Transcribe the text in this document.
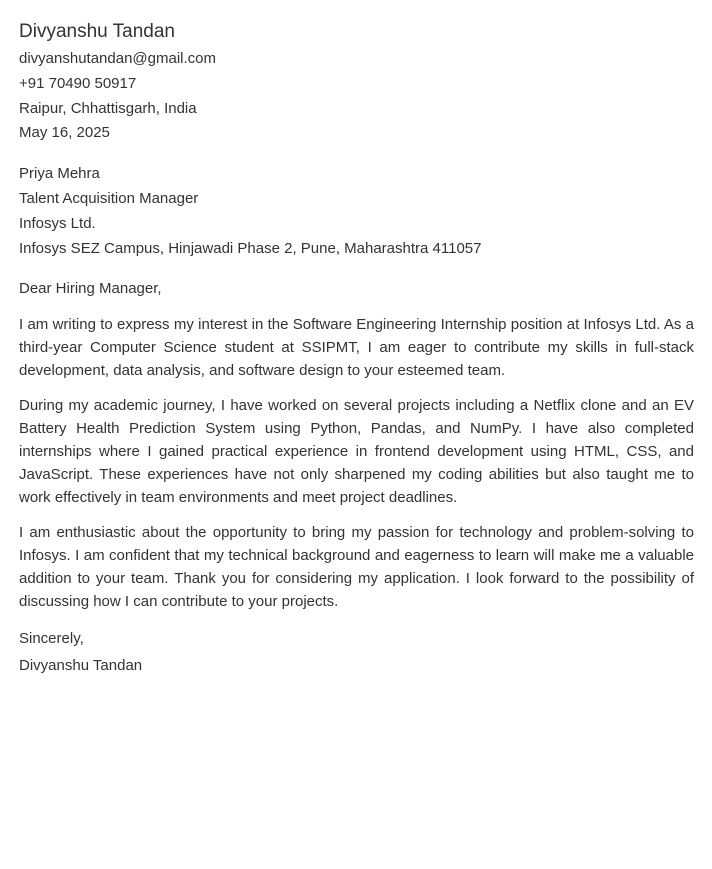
Divyanshu Tandan

divyanshutandan@gmail.com

+91 70490 50917

Raipur, Chhattisgarh, India

May 16, 2025

Priya Mehra

Talent Acquisition Manager

Infosys Ltd.

Infosys SEZ Campus, Hinjawadi Phase 2, Pune, Maharashtra 411057

Dear Hiring Manager,

I am writing to express my interest in the Software Engineering Internship position at Infosys Ltd. As a third-year Computer Science student at SSIPMT, I am eager to contribute my skills in full-stack development, data analysis, and software design to your esteemed team.

During my academic journey, I have worked on several projects including a Netflix clone and an EV Battery Health Prediction System using Python, Pandas, and NumPy. I have also completed internships where I gained practical experience in frontend development using HTML, CSS, and JavaScript. These experiences have not only sharpened my coding abilities but also taught me to work effectively in team environments and meet project deadlines.

I am enthusiastic about the opportunity to bring my passion for technology and problem-solving to Infosys. I am confident that my technical background and eagerness to learn will make me a valuable addition to your team. Thank you for considering my application. I look forward to the possibility of discussing how I can contribute to your projects.

Sincerely,

Divyanshu Tandan
